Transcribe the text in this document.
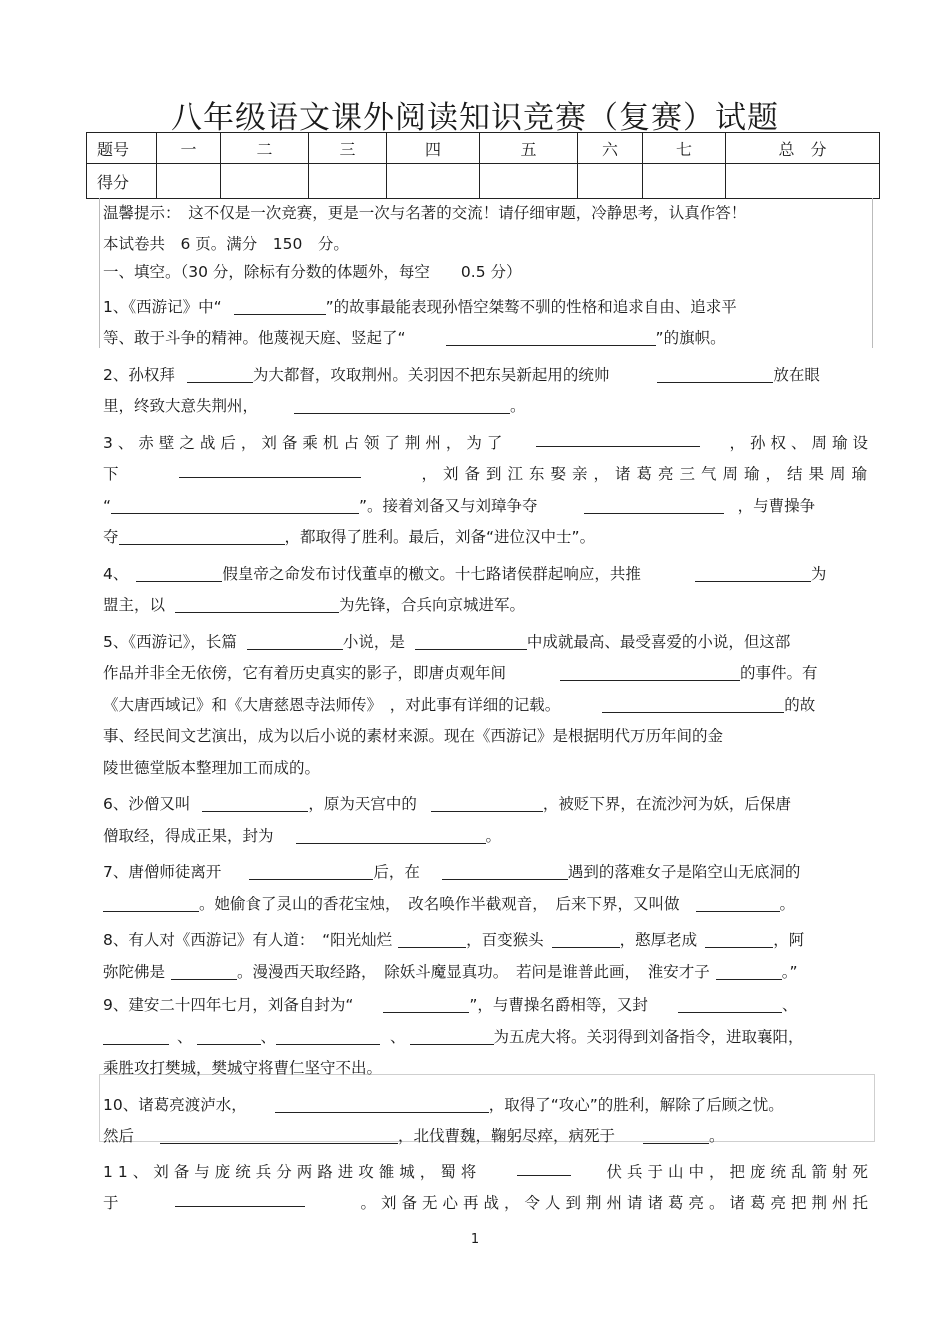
八年级语文课外阅读知识竞赛（复赛）试题
题号	一	二	三	四	五	六	七	总　分
得分								
温馨提示：　这不仅是一次竞赛，更是一次与名著的交流！请仔细审题，冷静思考，认真作答！
本试卷共　6 页。满分　150　分。
一、填空。（30 分，除标有分数的体题外，每空　　0.5 分）
1、《西游记》中“	”的故事最能表现孙悟空桀骜不驯的性格和追求自由、追求平
等、敢于斗争的精神。他蔑视天庭、竖起了“	”的旗帜。
2、孙权拜	为大都督，攻取荆州。关羽因不把东吴新起用的统帅	放在眼
里，终致大意失荆州，	。
3、赤壁之战后，刘备乘机占领了荆州，为了	，孙权、周瑜设
下	，刘备到江东娶亲，诸葛亮三气周瑜，结果周瑜
“	”。接着刘备又与刘璋争夺	，与曹操争
夺	，都取得了胜利。最后，刘备“进位汉中士”。
4、	假皇帝之命发布讨伐董卓的檄文。十七路诸侯群起响应，共推	为
盟主，以	为先锋，合兵向京城进军。
5、《西游记》，长篇	小说，是	中成就最高、最受喜爱的小说，但这部
作品并非全无依傍，它有着历史真实的影子，即唐贞观年间	的事件。有
《大唐西域记》和《大唐慈恩寺法师传》　，对此事有详细的记载。	的故
事、经民间文艺演出，成为以后小说的素材来源。现在《西游记》是根据明代万历年间的金
陵世德堂版本整理加工而成的。
6、沙僧又叫	，原为天宫中的	，被贬下界，在流沙河为妖，后保唐
僧取经，得成正果，封为	。
7、唐僧师徒离开	后，在	遇到的落难女子是陷空山无底洞的
。她偷食了灵山的香花宝烛，　改名唤作半截观音，　后来下界，又叫做	。
8、有人对《西游记》有人道：　“阳光灿烂	，百变猴头	，憨厚老成	，阿
弥陀佛是	。漫漫西天取经路，　除妖斗魔显真功。　若问是谁普此画，　淮安才子	。”
9、建安二十四年七月，刘备自封为“	”，与曹操名爵相等，又封	、
、	、	、	为五虎大将。关羽得到刘备指令，进取襄阳，
乘胜攻打樊城，樊城守将曹仁坚守不出。
10、诸葛亮渡泸水，	，取得了“攻心”的胜利，解除了后顾之忧。
然后	，北伐曹魏，鞠躬尽瘁，病死于	。
11、刘备与庞统兵分两路进攻雒城，蜀将	伏兵于山中，把庞统乱箭射死
于	。刘备无心再战，令人到荆州请诸葛亮。诸葛亮把荆州托
1
